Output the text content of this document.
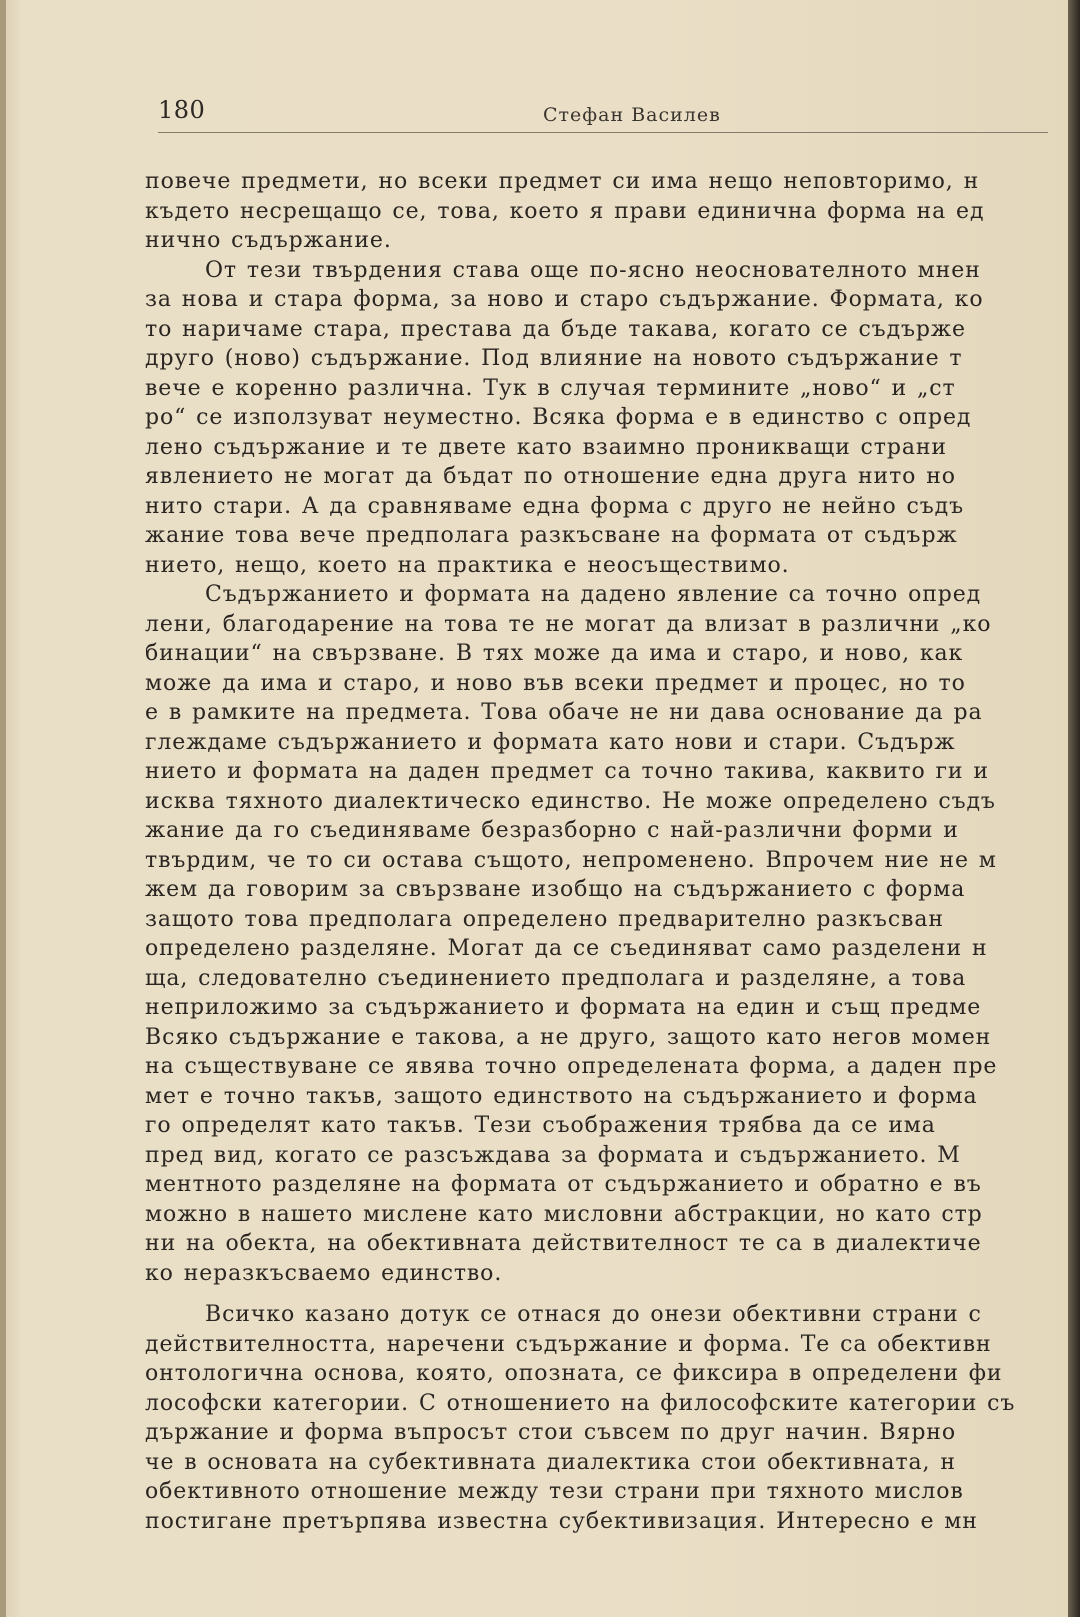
180	Стефан Василев
повече предмети, но всеки предмет си има нещо неповторимо, н
където несрещащо се, това, което я прави единична форма на ед
нично съдържание.
От тези твърдения става още по-ясно неоснователното мнен
за нова и стара форма, за ново и старо съдържание. Формата, ко
то наричаме стара, престава да бъде такава, когато се съдърже
друго (ново) съдържание. Под влияние на новото съдържание т
вече е коренно различна. Тук в случая термините „ново“ и „ст
ро“ се използуват неуместно. Всяка форма е в единство с опред
лено съдържание и те двете като взаимно проникващи страни
явлението не могат да бъдат по отношение една друга нито но
нито стари. А да сравняваме една форма с друго не нейно съдъ
жание това вече предполага разкъсване на формата от съдърж
нието, нещо, което на практика е неосъществимо.
Съдържанието и формата на дадено явление са точно опред
лени, благодарение на това те не могат да влизат в различни „ко
бинации“ на свързване. В тях може да има и старо, и ново, как
може да има и старо, и ново във всеки предмет и процес, но то
е в рамките на предмета. Това обаче не ни дава основание да ра
глеждаме съдържанието и формата като нови и стари. Съдърж
нието и формата на даден предмет са точно такива, каквито ги и
исква тяхното диалектическо единство. Не може определено съдъ
жание да го съединяваме безразборно с най-различни форми и
твърдим, че то си остава същото, непроменено. Впрочем ние не м
жем да говорим за свързване изобщо на съдържанието с форма
защото това предполага определено предварително разкъсван
определено разделяне. Могат да се съединяват само разделени н
ща, следователно съединението предполага и разделяне, а това
неприложимо за съдържанието и формата на един и същ предме
Всяко съдържание е такова, а не друго, защото като негов момен
на съществуване се явява точно определената форма, а даден пре
мет е точно такъв, защото единството на съдържанието и форма
го определят като такъв. Тези съображения трябва да се има
пред вид, когато се разсъждава за формата и съдържанието. М
ментното разделяне на формата от съдържанието и обратно е въ
можно в нашето мислене като мисловни абстракции, но като стр
ни на обекта, на обективната действителност те са в диалектиче
ко неразкъсваемо единство.
Всичко казано дотук се отнася до онези обективни страни с
действителността, наречени съдържание и форма. Те са обективн
онтологична основа, която, опозната, се фиксира в определени фи
лософски категории. С отношението на философските категории съ
държание и форма въпросът стои съвсем по друг начин. Вярно
че в основата на субективната диалектика стои обективната, н
обективното отношение между тези страни при тяхното мислов
постигане претърпява известна субективизация. Интересно е мн
